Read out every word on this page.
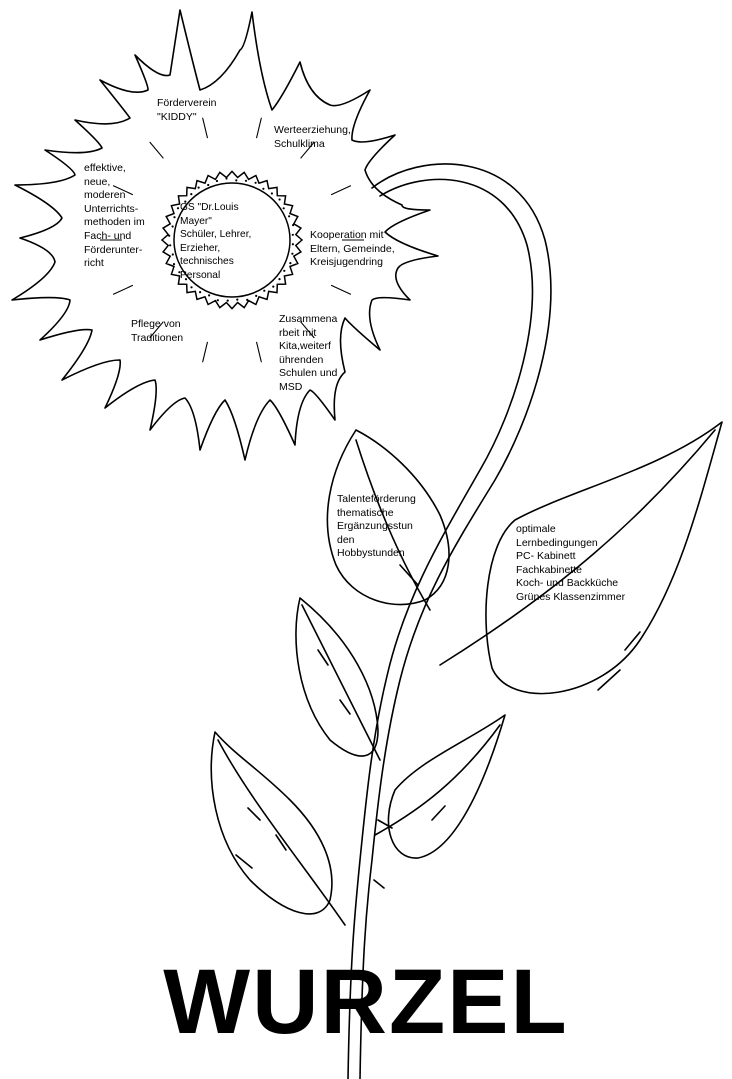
Förderverein
"KIDDY"
Werteerziehung,
Schulklima
effektive,
neue,
moderen
Unterrichts-
methoden im
Fach- und
Förderunter-
richt
Kooperation mit
Eltern, Gemeinde,
Kreisjugendring
Pflege von
Traditionen
Zusammena
rbeit mit
Kita,weiterf
ührenden
Schulen und
MSD
GS "Dr.Louis
Mayer"
Schüler, Lehrer,
Erzieher,
technisches
Personal
Talenteförderung
thematische
Ergänzungsstun
den
Hobbystunden
optimale
Lernbedingungen
PC- Kabinett
Fachkabinette
Koch- und Backküche
Grünes Klassenzimmer
WURZEL
